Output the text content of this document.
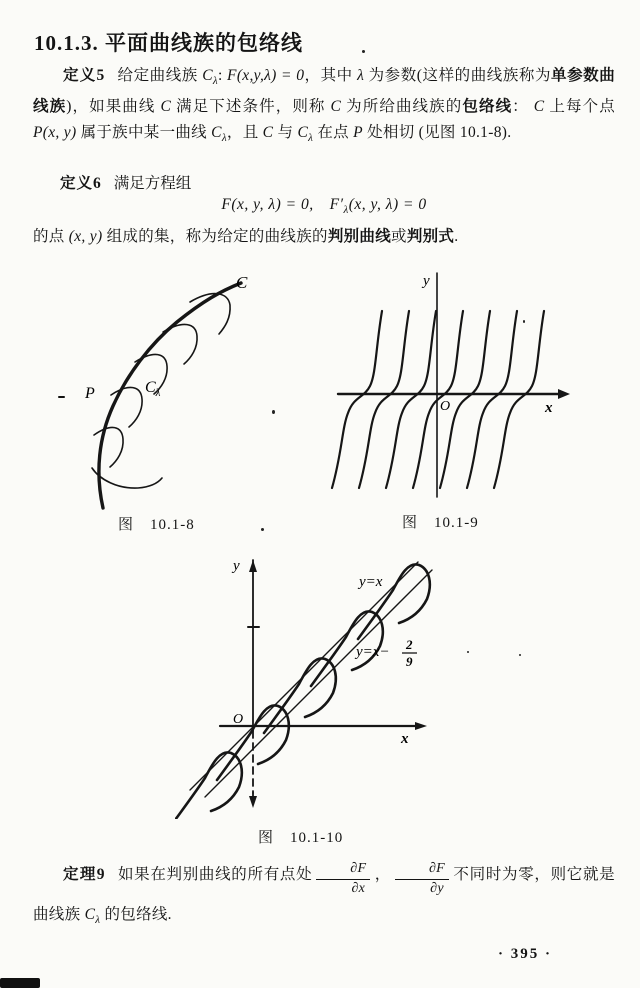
10.1.3. 平面曲线族的包络线

定义5 给定曲线族 $C_\lambda$: F(x,y,λ) = 0，其中 λ 为参数(这样的曲线族称为单参数曲线族)，如果曲线 C 满足下述条件，则称 C 为所给曲线族的包络线： C 上每个点 P(x, y) 属于族中某一曲线 $C_\lambda$，且 C 与 $C_\lambda$ 在点 P 处相切 (见图 10.1-8).

定义6 满足方程组
F(x, y, λ) = 0, $F'_\lambda(x$, y, λ) = 0

的点 (x, y) 组成的集，称为给定的曲线族的判别曲线或判别式.

C
P	$C_\lambda$
图　10.1-8
y
x
O
图　10.1-9
y
x
O
y=x
y=x− 2
9
图　10.1-10

定理9 如果在判别曲线的所有点处 $\frac{\partial F}{\partial x}$ ， $\frac{\partial F}{\partial y}$ 不同时为零，则它就是曲线族 $C_\lambda$ 的包络线.

· 395 ·
